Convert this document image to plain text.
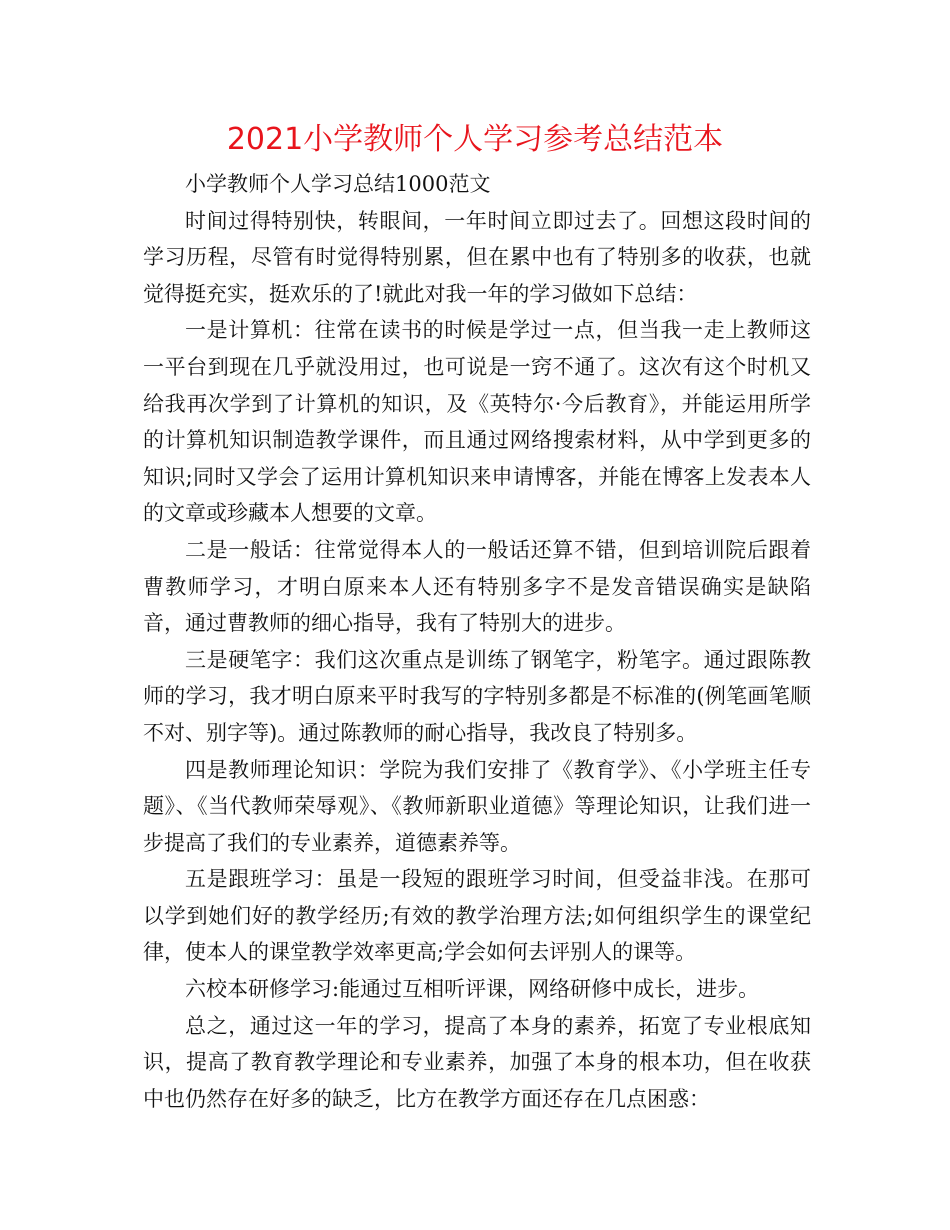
2021小学教师个人学习参考总结范本

小学教师个人学习总结1000范文

时间过得特别快，转眼间，一年时间立即过去了。回想这段时间的学习历程，尽管有时觉得特别累，但在累中也有了特别多的收获，也就觉得挺充实，挺欢乐的了!就此对我一年的学习做如下总结：

一是计算机：往常在读书的时候是学过一点，但当我一走上教师这一平台到现在几乎就没用过，也可说是一窍不通了。这次有这个时机又给我再次学到了计算机的知识，及《英特尔·今后教育》，并能运用所学的计算机知识制造教学课件，而且通过网络搜索材料，从中学到更多的知识;同时又学会了运用计算机知识来申请博客，并能在博客上发表本人的文章或珍藏本人想要的文章。

二是一般话：往常觉得本人的一般话还算不错，但到培训院后跟着曹教师学习，才明白原来本人还有特别多字不是发音错误确实是缺陷音，通过曹教师的细心指导，我有了特别大的进步。

三是硬笔字：我们这次重点是训练了钢笔字，粉笔字。通过跟陈教师的学习，我才明白原来平时我写的字特别多都是不标准的(例笔画笔顺不对、别字等)。通过陈教师的耐心指导，我改良了特别多。

四是教师理论知识：学院为我们安排了《教育学》、《小学班主任专题》、《当代教师荣辱观》、《教师新职业道德》等理论知识，让我们进一步提高了我们的专业素养，道德素养等。

五是跟班学习：虽是一段短的跟班学习时间，但受益非浅。在那可以学到她们好的教学经历;有效的教学治理方法;如何组织学生的课堂纪律，使本人的课堂教学效率更高;学会如何去评别人的课等。

六校本研修学习:能通过互相听评课，网络研修中成长，进步。

总之，通过这一年的学习，提高了本身的素养，拓宽了专业根底知识，提高了教育教学理论和专业素养，加强了本身的根本功，但在收获中也仍然存在好多的缺乏，比方在教学方面还存在几点困惑：
